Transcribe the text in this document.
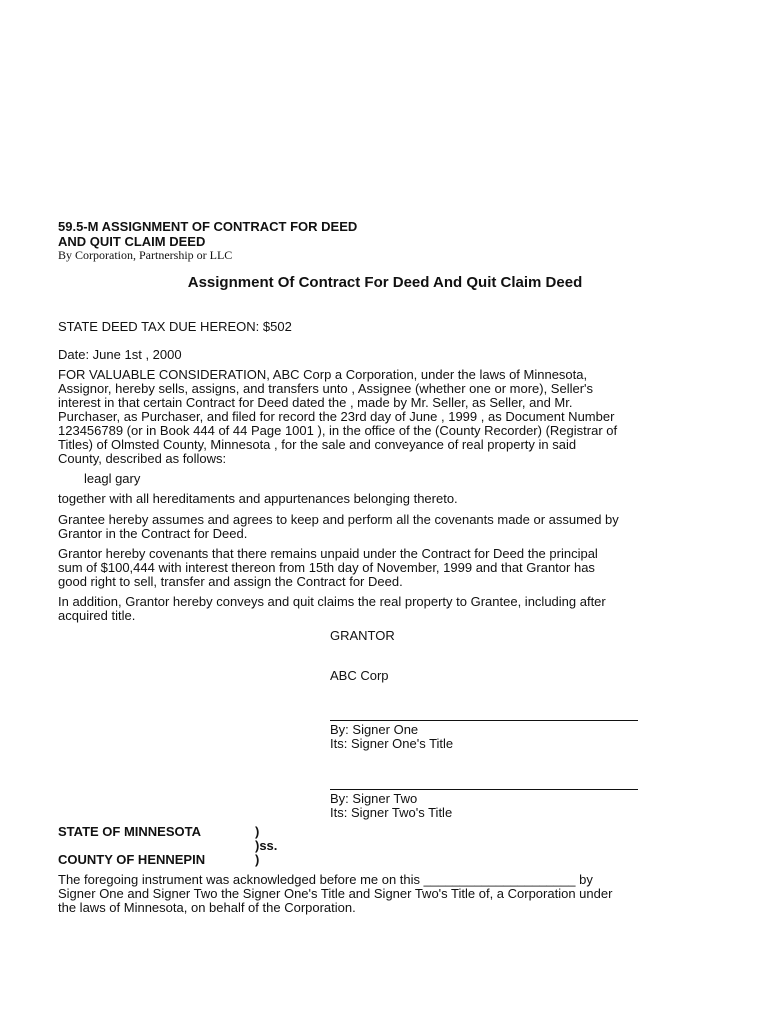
59.5-M ASSIGNMENT OF CONTRACT FOR DEED
AND QUIT CLAIM DEED
By Corporation, Partnership or LLC
Assignment Of Contract For Deed And Quit Claim Deed
STATE DEED TAX DUE HEREON: $502
Date: June 1st , 2000
FOR VALUABLE CONSIDERATION, ABC Corp a Corporation, under the laws of Minnesota,
Assignor, hereby sells, assigns, and transfers unto , Assignee (whether one or more), Seller's
interest in that certain Contract for Deed dated the , made by Mr. Seller, as Seller, and Mr.
Purchaser, as Purchaser, and filed for record the 23rd day of June , 1999 , as Document Number
123456789 (or in Book 444 of 44 Page 1001 ), in the office of the (County Recorder) (Registrar of
Titles) of Olmsted County, Minnesota , for the sale and conveyance of real property in said
County, described as follows:
leagl gary
together with all hereditaments and appurtenances belonging thereto.
Grantee hereby assumes and agrees to keep and perform all the covenants made or assumed by
Grantor in the Contract for Deed.
Grantor hereby covenants that there remains unpaid under the Contract for Deed the principal
sum of $100,444 with interest thereon from 15th day of November, 1999 and that Grantor has
good right to sell, transfer and assign the Contract for Deed.
In addition, Grantor hereby conveys and quit claims the real property to Grantee, including after
acquired title.
GRANTOR
ABC Corp
By: Signer One
Its: Signer One's Title
By: Signer Two
Its: Signer Two's Title
STATE OF MINNESOTA	)
)ss.
COUNTY OF HENNEPIN	)
The foregoing instrument was acknowledged before me on this _____________________ by
Signer One and Signer Two the Signer One's Title and Signer Two's Title of, a Corporation under
the laws of Minnesota, on behalf of the Corporation.
